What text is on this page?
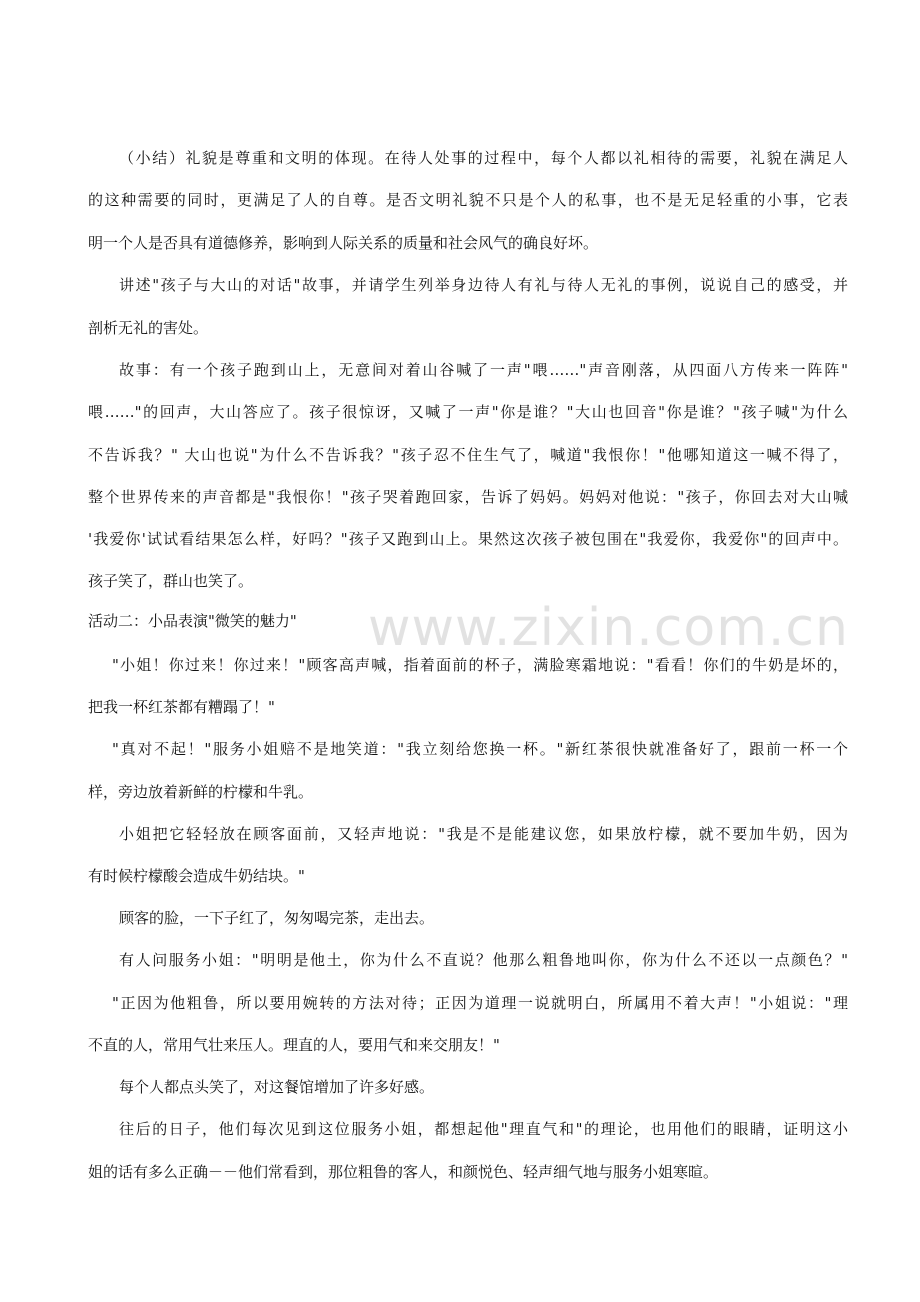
（小结）礼貌是尊重和文明的体现。在待人处事的过程中，每个人都以礼相待的需要，礼貌在满足人
的这种需要的同时，更满足了人的自尊。是否文明礼貌不只是个人的私事，也不是无足轻重的小事，它表
明一个人是否具有道德修养，影响到人际关系的质量和社会风气的确良好坏。
讲述"孩子与大山的对话"故事，并请学生列举身边待人有礼与待人无礼的事例，说说自己的感受，并
剖析无礼的害处。
故事：有一个孩子跑到山上，无意间对着山谷喊了一声"喂……"声音刚落，从四面八方传来一阵阵"
喂……"的回声，大山答应了。孩子很惊讶，又喊了一声"你是谁？"大山也回音"你是谁？"孩子喊"为什么
不告诉我？" 大山也说"为什么不告诉我？"孩子忍不住生气了，喊道"我恨你！"他哪知道这一喊不得了，
整个世界传来的声音都是"我恨你！"孩子哭着跑回家，告诉了妈妈。妈妈对他说："孩子，你回去对大山喊
'我爱你'试试看结果怎么样，好吗？"孩子又跑到山上。果然这次孩子被包围在"我爱你，我爱你"的回声中。
孩子笑了，群山也笑了。
活动二：小品表演"微笑的魅力"
"小姐！你过来！你过来！"顾客高声喊，指着面前的杯子，满脸寒霜地说："看看！你们的牛奶是坏的，
把我一杯红茶都有糟蹋了！"
"真对不起！"服务小姐赔不是地笑道："我立刻给您换一杯。"新红茶很快就准备好了，跟前一杯一个
样，旁边放着新鲜的柠檬和牛乳。
小姐把它轻轻放在顾客面前，又轻声地说："我是不是能建议您，如果放柠檬，就不要加牛奶，因为
有时候柠檬酸会造成牛奶结块。"
顾客的脸，一下子红了，匆匆喝完茶，走出去。
有人问服务小姐："明明是他土，你为什么不直说？他那么粗鲁地叫你，你为什么不还以一点颜色？"
"正因为他粗鲁，所以要用婉转的方法对待；正因为道理一说就明白，所属用不着大声！"小姐说："理
不直的人，常用气壮来压人。理直的人，要用气和来交朋友！"
每个人都点头笑了，对这餐馆增加了许多好感。
往后的日子，他们每次见到这位服务小姐，都想起他"理直气和"的理论，也用他们的眼睛，证明这小
姐的话有多么正确－－他们常看到，那位粗鲁的客人，和颜悦色、轻声细气地与服务小姐寒暄。
www.zixin.com.cn
